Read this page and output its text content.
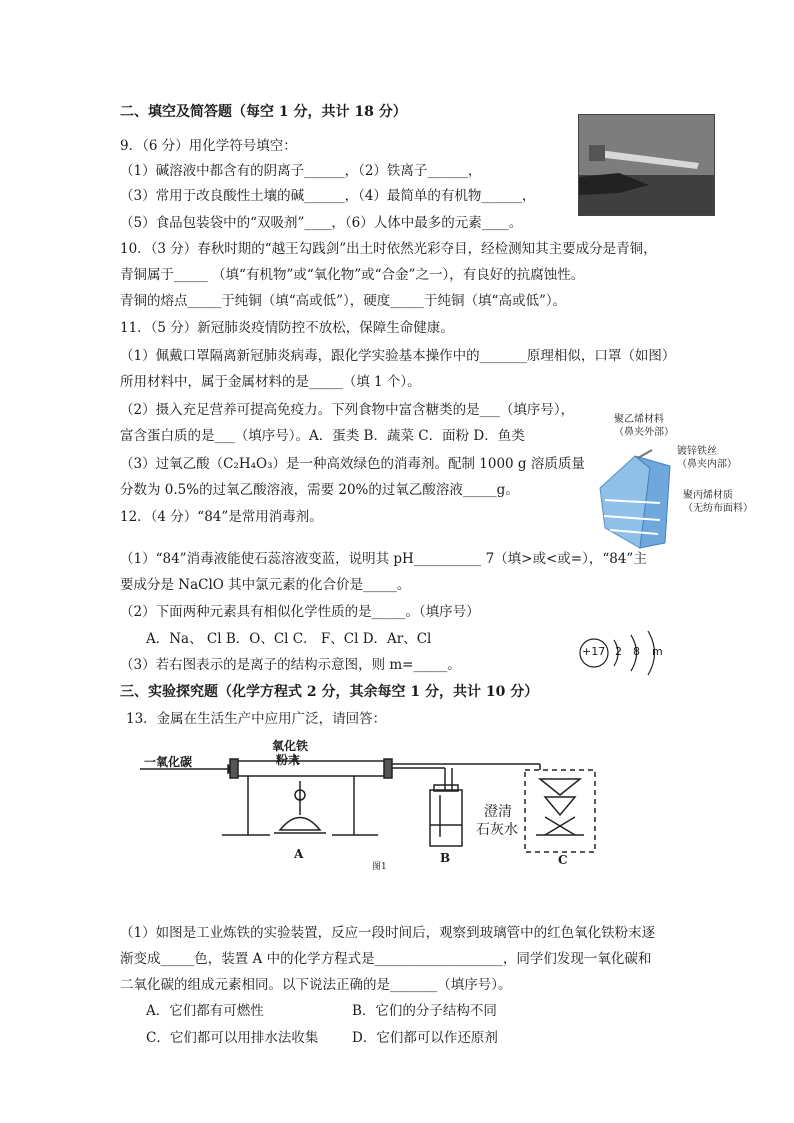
二、填空及简答题（每空 1 分，共计 18 分）
9．（6 分）用化学符号填空：
（1）碱溶液中都含有的阴离子______，（2）铁离子______，
（3）常用于改良酸性土壤的碱______，（4）最简单的有机物______，
（5）食品包装袋中的“双吸剂”____，（6）人体中最多的元素____。
10．（3 分）春秋时期的“越王勾践剑”出土时依然光彩夺目，经检测知其主要成分是青铜，
青铜属于_____ （填“有机物”或“氧化物”或“合金”之一），有良好的抗腐蚀性。
青铜的熔点_____于纯铜（填“高或低”），硬度_____于纯铜（填“高或低”）。
11．（5 分）新冠肺炎疫情防控不放松，保障生命健康。
（1）佩戴口罩隔离新冠肺炎病毒，跟化学实验基本操作中的_______原理相似，口罩（如图）
所用材料中，属于金属材料的是_____（填 1 个）。
（2）摄入充足营养可提高免疫力。下列食物中富含糖类的是___（填序号），
富含蛋白质的是___（填序号）。A．蛋类 B．蔬菜 C．面粉 D．鱼类
（3）过氧乙酸（C₂H₄O₃）是一种高效绿色的消毒剂。配制 1000 g 溶质质量
分数为 0.5%的过氧乙酸溶液，需要 20%的过氧乙酸溶液_____g。
聚乙烯材料
（鼻夹外部）
镀锌铁丝
（鼻夹内部）
聚丙烯材质
（无纺布面料）
12．（4 分）“84”是常用消毒剂。
（1）“84”消毒液能使石蕊溶液变蓝，说明其 pH__________ 7（填>或<或=），“84”主
要成分是 NaClO 其中氯元素的化合价是_____。
（2）下面两种元素具有相似化学性质的是_____。（填序号）
A．Na、 Cl B．O、Cl C． F、Cl D．Ar、Cl
（3）若右图表示的是离子的结构示意图，则 m=_____。
+17 2 8 m
三、实验探究题（化学方程式 2 分，其余每空 1 分，共计 10 分）
13．金属在生活生产中应用广泛，请回答：
一氧化碳
氧化铁
粉末
澄清
石灰水
A	B	C
图1
（1）如图是工业炼铁的实验装置，反应一段时间后，观察到玻璃管中的红色氧化铁粉末逐
渐变成_____色，装置 A 中的化学方程式是___________________，同学们发现一氧化碳和
二氧化碳的组成元素相同。以下说法正确的是_______（填序号）。
A．它们都有可燃性	B．它们的分子结构不同
C．它们都可以用排水法收集 D．它们都可以作还原剂
